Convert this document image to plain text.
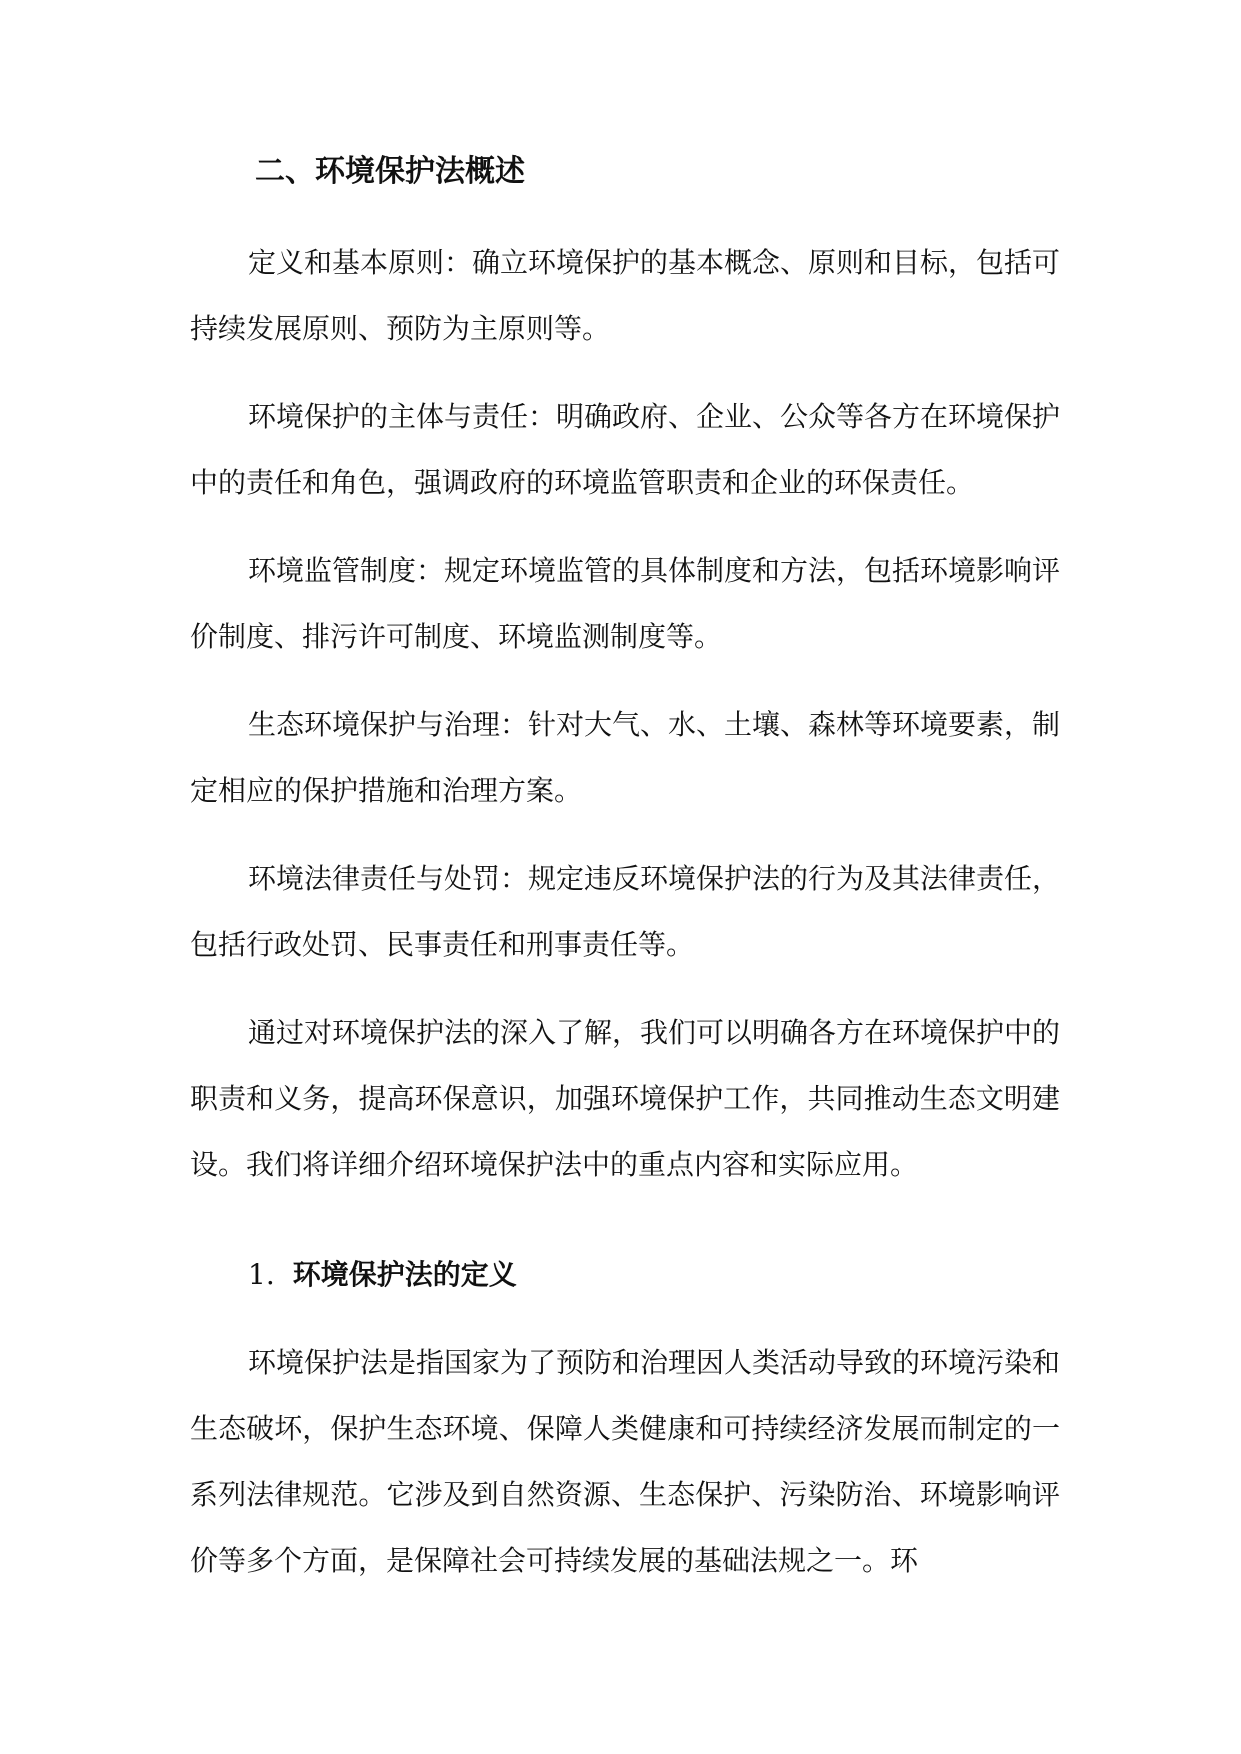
二、环境保护法概述

定义和基本原则：确立环境保护的基本概念、原则和目标，包括可持续发展原则、预防为主原则等。

环境保护的主体与责任：明确政府、企业、公众等各方在环境保护中的责任和角色，强调政府的环境监管职责和企业的环保责任。

环境监管制度：规定环境监管的具体制度和方法，包括环境影响评价制度、排污许可制度、环境监测制度等。

生态环境保护与治理：针对大气、水、土壤、森林等环境要素，制定相应的保护措施和治理方案。

环境法律责任与处罚：规定违反环境保护法的行为及其法律责任，包括行政处罚、民事责任和刑事责任等。

通过对环境保护法的深入了解，我们可以明确各方在环境保护中的职责和义务，提高环保意识，加强环境保护工作，共同推动生态文明建设。我们将详细介绍环境保护法中的重点内容和实际应用。

1. 环境保护法的定义

环境保护法是指国家为了预防和治理因人类活动导致的环境污染和生态破坏，保护生态环境、保障人类健康和可持续经济发展而制定的一系列法律规范。它涉及到自然资源、生态保护、污染防治、环境影响评价等多个方面，是保障社会可持续发展的基础法规之一。环
